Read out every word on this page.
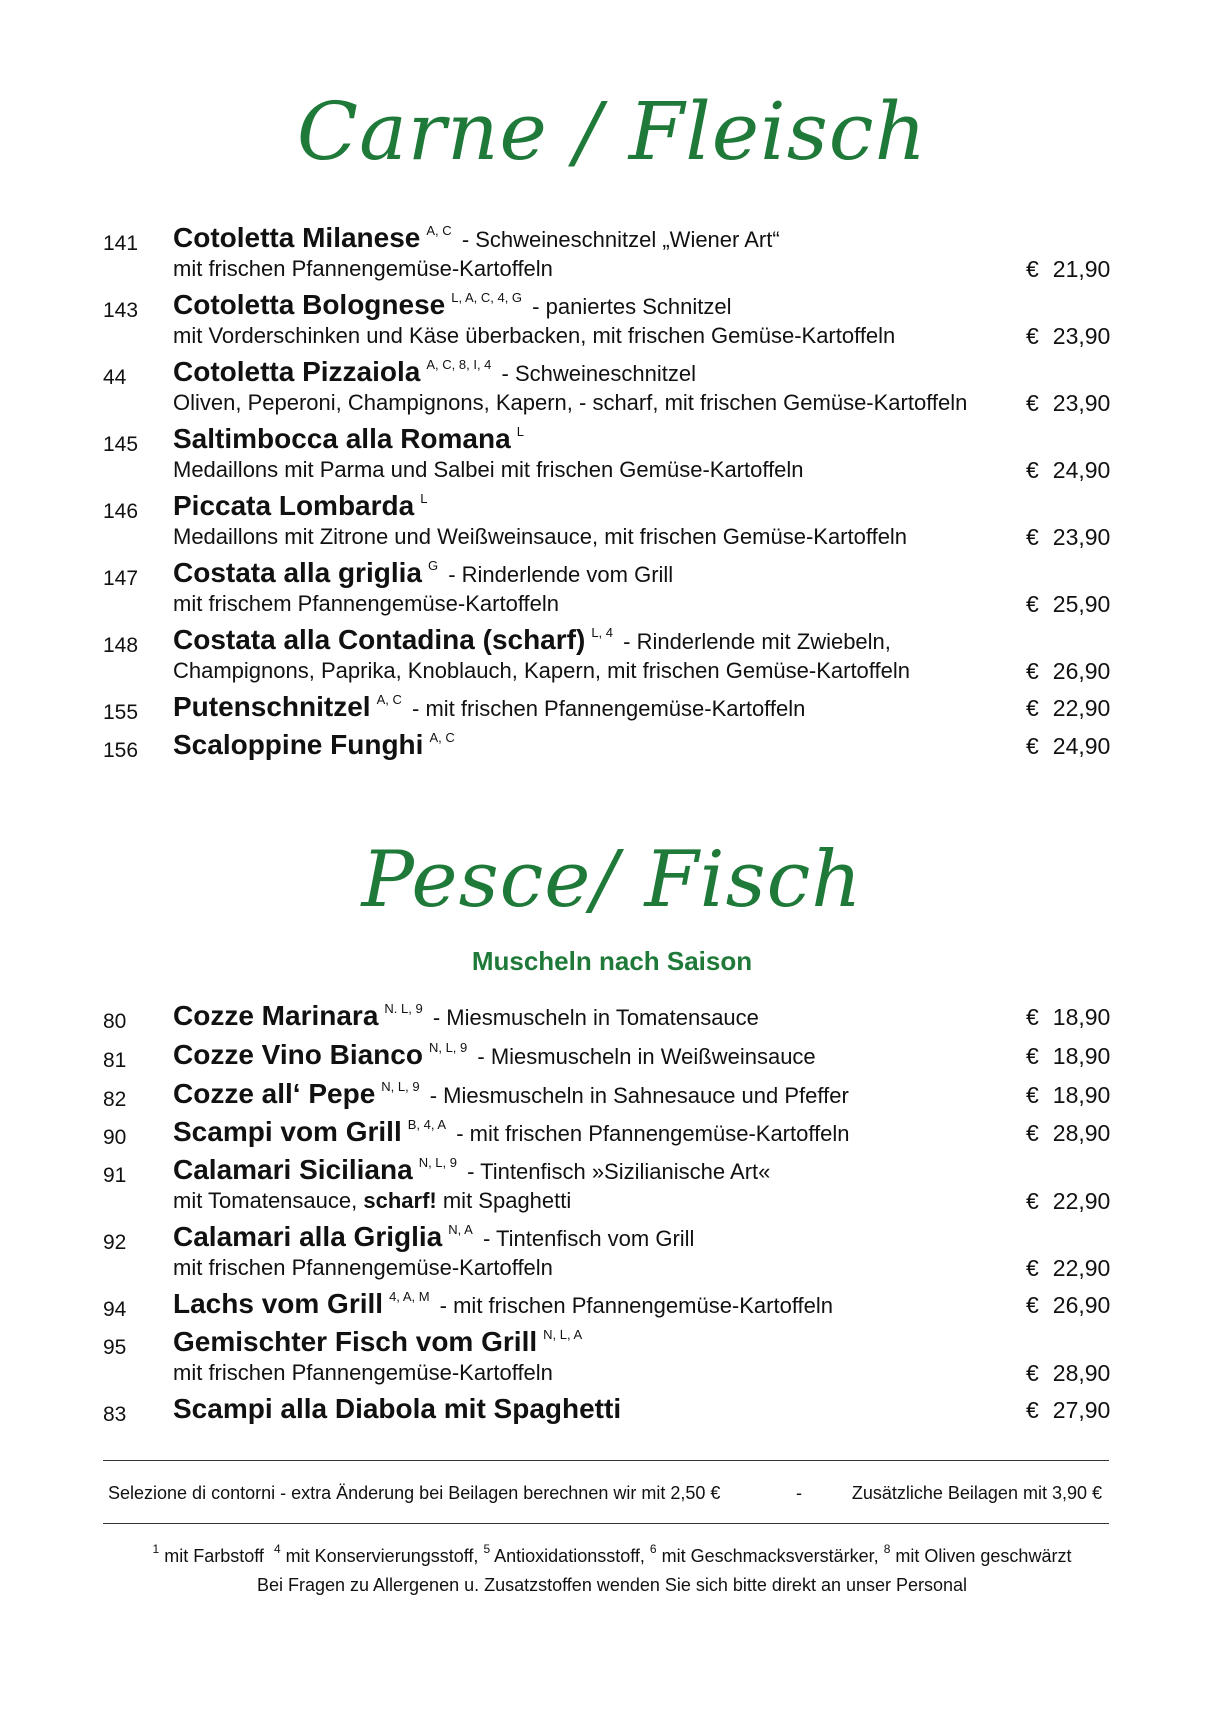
Carne / Fleisch
141 Cotoletta Milanese $^{A, C}$ - Schweineschnitzel „Wiener Art“
mit frischen Pfannengemüse-Kartoffeln	€ 21,90
143 Cotoletta Bolognese $^{L, A, C, 4, G}$ - paniertes Schnitzel
mit Vorderschinken und Käse überbacken, mit frischen Gemüse-Kartoffeln	€ 23,90
44 Cotoletta Pizzaiola $^{A, C, 8, I, 4}$ - Schweineschnitzel
Oliven, Peperoni, Champignons, Kapern, - scharf, mit frischen Gemüse-Kartoffeln	€ 23,90
145 Saltimbocca alla Romana $^L$
Medaillons mit Parma und Salbei mit frischen Gemüse-Kartoffeln	€ 24,90
146 Piccata Lombarda $^L$
Medaillons mit Zitrone und Weißweinsauce, mit frischen Gemüse-Kartoffeln	€ 23,90
147 Costata alla griglia $^G$ - Rinderlende vom Grill
mit frischem Pfannengemüse-Kartoffeln	€ 25,90
148 Costata alla Contadina (scharf) $^{L, 4}$ - Rinderlende mit Zwiebeln,
Champignons, Paprika, Knoblauch, Kapern, mit frischen Gemüse-Kartoffeln	€ 26,90
155 Putenschnitzel $^{A, C}$ - mit frischen Pfannengemüse-Kartoffeln	€ 22,90
156 Scaloppine Funghi $^{A, C}$	€ 24,90
Pesce/ Fisch
Muscheln nach Saison
80 Cozze Marinara $^{N. L, 9}$ - Miesmuscheln in Tomatensauce	€ 18,90
81 Cozze Vino Bianco $^{N, L, 9}$ - Miesmuscheln in Weißweinsauce	€ 18,90
82 Cozze all‘ Pepe $^{N, L, 9}$ - Miesmuscheln in Sahnesauce und Pfeffer	€ 18,90
90 Scampi vom Grill $^{B, 4, A}$ - mit frischen Pfannengemüse-Kartoffeln	€ 28,90
91 Calamari Siciliana $^{N, L, 9}$ - Tintenfisch »Sizilianische Art«
mit Tomatensauce, scharf! mit Spaghetti	€ 22,90
92 Calamari alla Griglia $^{N, A}$ - Tintenfisch vom Grill
mit frischen Pfannengemüse-Kartoffeln	€ 22,90
94 Lachs vom Grill $^{4, A, M}$ - mit frischen Pfannengemüse-Kartoffeln	€ 26,90
95 Gemischter Fisch vom Grill $^{N, L, A}$
mit frischen Pfannengemüse-Kartoffeln	€ 28,90
83 Scampi alla Diabola mit Spaghetti	€ 27,90
Selezione di contorni - extra Änderung bei Beilagen berechnen wir mit 2,50 €	-	Zusätzliche Beilagen mit 3,90 €
$^1$ mit Farbstoff $^4$ mit Konservierungsstoff, $^5$ Antioxidationsstoff, $^6$ mit Geschmacksverstärker, $^8$ mit Oliven geschwärzt
Bei Fragen zu Allergenen u. Zusatzstoffen wenden Sie sich bitte direkt an unser Personal
